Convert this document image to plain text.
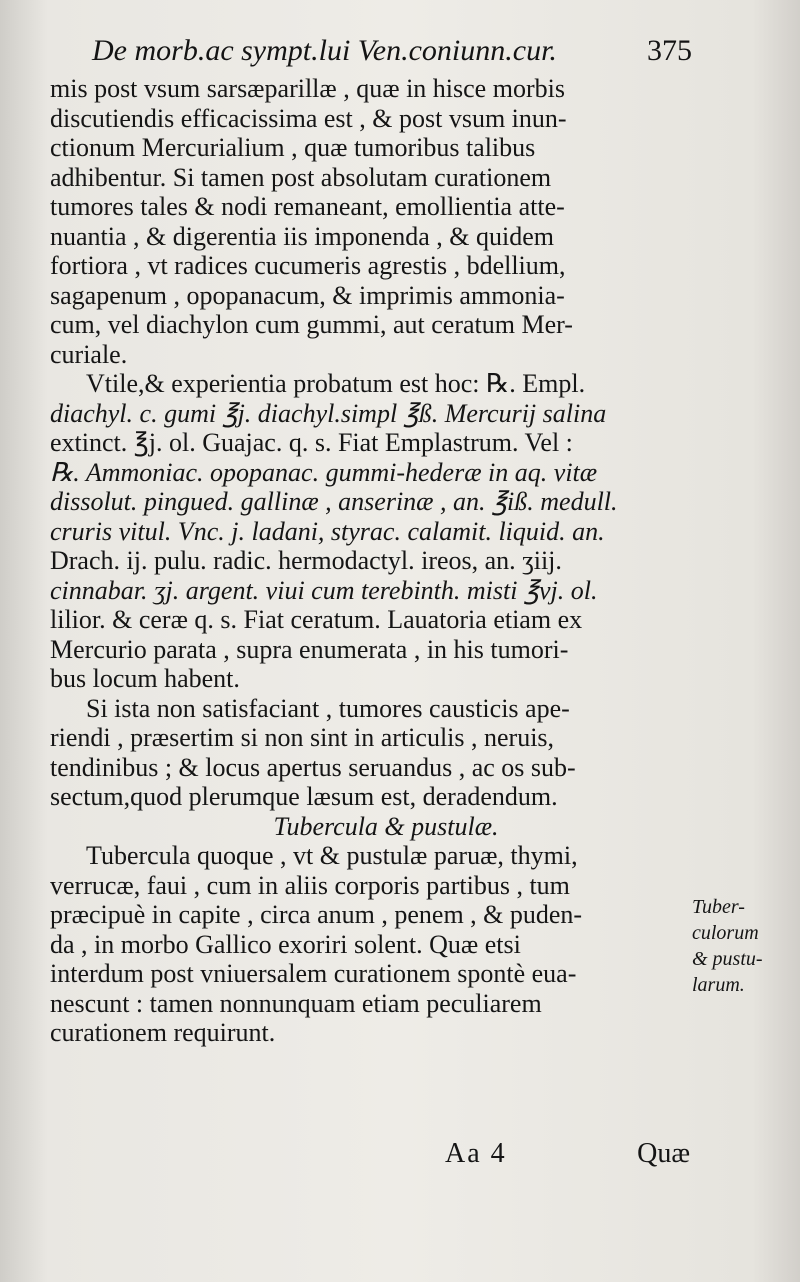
De morb.ac sympt.lui Ven.coniunn.cur.	375
mis post vsum sarsæparillæ , quæ in hisce morbis
discutiendis efficacissima est , & post vsum inun-
ctionum Mercurialium , quæ tumoribus talibus
adhibentur. Si tamen post absolutam curationem
tumores tales & nodi remaneant, emollientia atte-
nuantia , & digerentia iis imponenda , & quidem
fortiora , vt radices cucumeris agrestis , bdellium,
sagapenum , opopanacum, & imprimis ammonia-
cum, vel diachylon cum gummi, aut ceratum Mer-
curiale.
Vtile,& experientia probatum est hoc: ℞. Empl.
diachyl. c. gumi ℥j. diachyl.simpl ℥ß. Mercurij salina
extinct. ℥j. ol. Guajac. q. s. Fiat Emplastrum. Vel :
℞. Ammoniac. opopanac. gummi-hederæ in aq. vitæ
dissolut. pingued. gallinæ , anserinæ , an. ℥iß. medull.
cruris vitul. Vnc. j. ladani, styrac. calamit. liquid. an.
Drach. ij. pulu. radic. hermodactyl. ireos, an. ʒiij.
cinnabar. ʒj. argent. viui cum terebinth. misti ℥vj. ol.
lilior. & ceræ q. s. Fiat ceratum. Lauatoria etiam ex
Mercurio parata , supra enumerata , in his tumori-
bus locum habent.
Si ista non satisfaciant , tumores causticis ape-
riendi , præsertim si non sint in articulis , neruis,
tendinibus ; & locus apertus seruandus , ac os sub-
sectum,quod plerumque læsum est, deradendum.
Tubercula & pustulæ.
Tubercula quoque , vt & pustulæ paruæ, thymi,
verrucæ, faui , cum in aliis corporis partibus , tum
præcipuè in capite , circa anum , penem , & puden-
da , in morbo Gallico exoriri solent. Quæ etsi
interdum post vniuersalem curationem spontè eua-
nescunt : tamen nonnunquam etiam peculiarem
curationem requirunt.
Tuber-
culorum
& pustu-
larum.
Aa 4	Quæ
